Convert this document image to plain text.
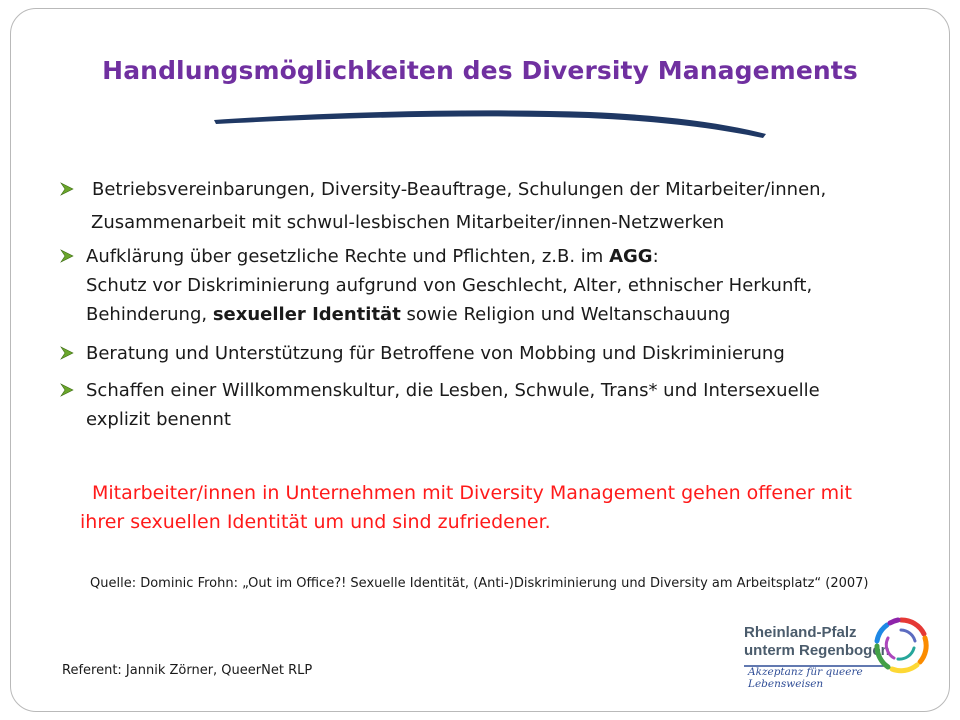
Handlungsmöglichkeiten des Diversity Managements
Betriebsvereinbarungen, Diversity-Beauftrage, Schulungen der Mitarbeiter/innen,
Zusammenarbeit mit schwul-lesbischen Mitarbeiter/innen-Netzwerken
Aufklärung über gesetzliche Rechte und Pflichten, z.B. im AGG:
Schutz vor Diskriminierung aufgrund von Geschlecht, Alter, ethnischer Herkunft,
Behinderung, sexueller Identität sowie Religion und Weltanschauung
Beratung und Unterstützung für Betroffene von Mobbing und Diskriminierung
Schaffen einer Willkommenskultur, die Lesben, Schwule, Trans* und Intersexuelle
explizit benennt
Mitarbeiter/innen in Unternehmen mit Diversity Management gehen offener mit
ihrer sexuellen Identität um und sind zufriedener.
Quelle: Dominic Frohn: „Out im Office?! Sexuelle Identität, (Anti-)Diskriminierung und Diversity am Arbeitsplatz“ (2007)
Referent: Jannik Zörner, QueerNet RLP
Rheinland-Pfalz
unterm Regenbogen
Akzeptanz für queere Lebensweisen
